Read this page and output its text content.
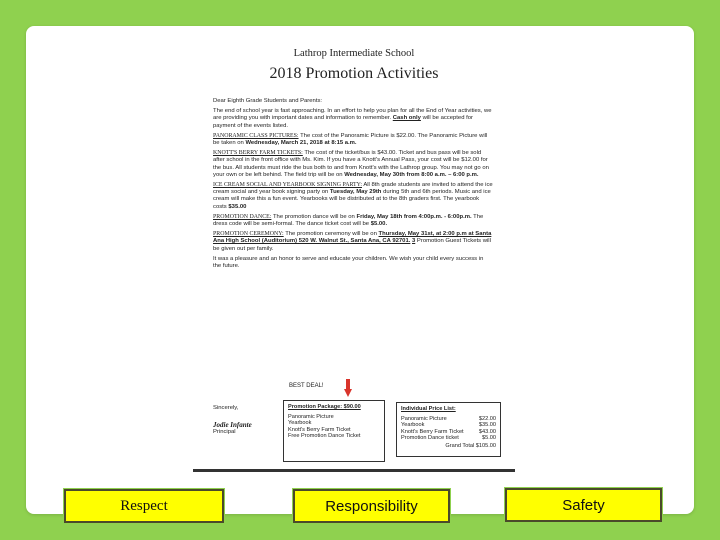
Lathrop Intermediate School
2018 Promotion Activities

Dear Eighth Grade Students and Parents:

The end of school year is fast approaching. In an effort to help you plan for all the End of Year activities, we are providing you with important dates and information to remember. Cash only will be accepted for payment of the events listed.

PANORAMIC CLASS PICTURES: The cost of the Panoramic Picture is $22.00. The Panoramic Picture will be taken on Wednesday, March 21, 2018 at 8:15 a.m.

KNOTT'S BERRY FARM TICKETS: The cost of the ticket/bus is $43.00. Ticket and bus pass will be sold after school in the front office with Ms. Kim. If you have a Knott's Annual Pass, your cost will be $12.00 for the bus. All students must ride the bus both to and from Knott's with the Lathrop group. You may not go on your own or be left behind. The field trip will be on Wednesday, May 30th from 8:00 a.m. – 6:00 p.m.

ICE CREAM SOCIAL AND YEARBOOK SIGNING PARTY: All 8th grade students are invited to attend the ice cream social and year book signing party on Tuesday, May 29th during 5th and 6th periods. Music and ice cream will make this a fun event. Yearbooks will be distributed at to the 8th graders first. The yearbook costs $35.00

PROMOTION DANCE: The promotion dance will be on Friday, May 18th from 4:00p.m. - 6:00p.m. The dress code will be semi-formal. The dance ticket cost will be $5.00.

PROMOTION CEREMONY: The promotion ceremony will be on Thursday, May 31st, at 2:00 p.m at Santa Ana High School (Auditorium) 520 W. Walnut St., Santa Ana, CA 92701. 3 Promotion Guest Tickets will be given out per family.

It was a pleasure and an honor to serve and educate your children. We wish your child every success in the future.

BEST DEAL!
Sincerely,
Jodie Infante
Principal
Promotion Package: $90.00
Panoramic Picture
Yearbook
Knott's Berry Farm Ticket
Free Promotion Dance Ticket
Individual Price List:
Panoramic Picture	$22.00
Yearbook	$35.00
Knott's Berry Farm Ticket	$43.00
Promotion Dance ticket	$5.00
Grand Total $105.00
Respect	Responsibility	Safety
